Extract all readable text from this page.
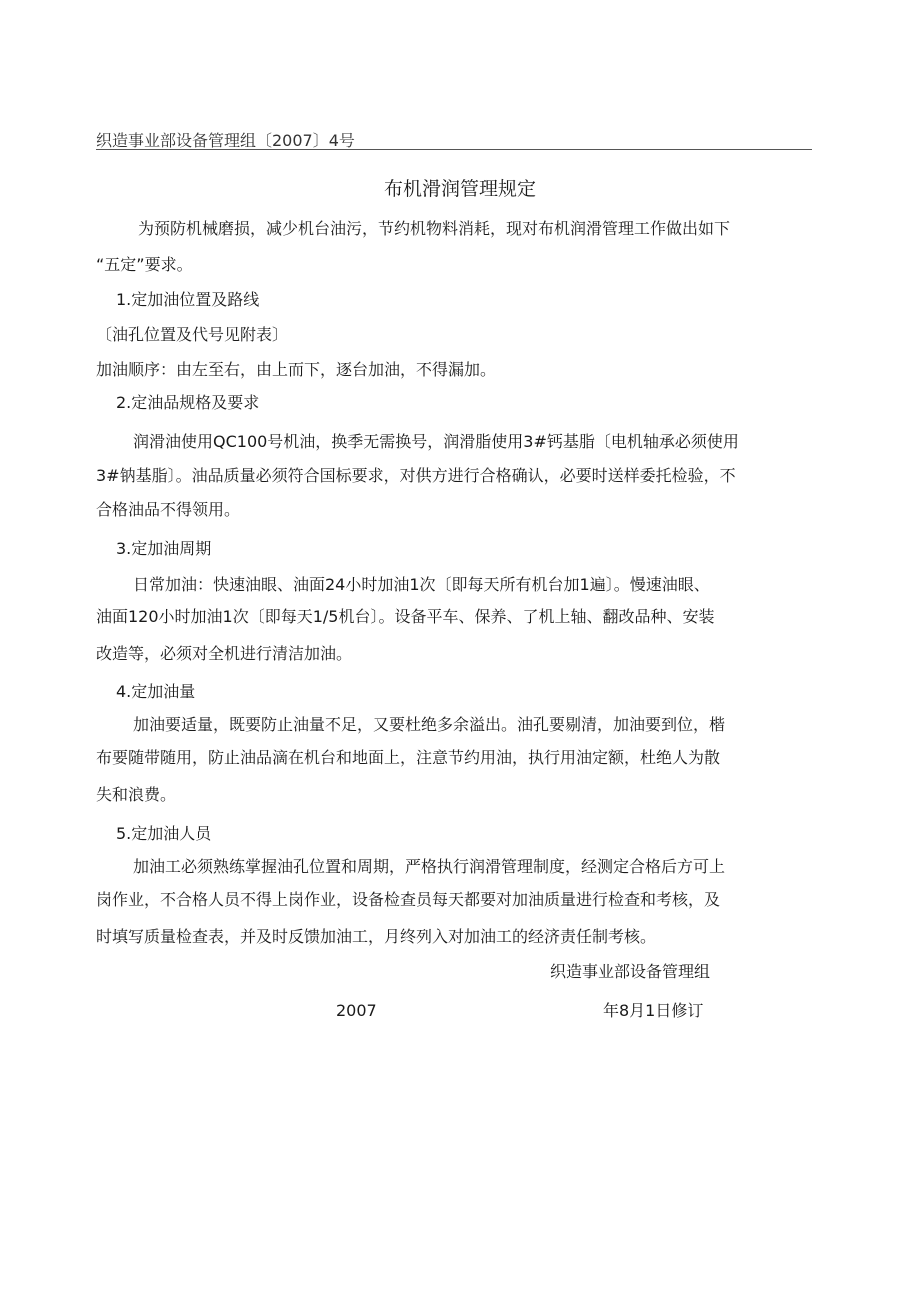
织造事业部设备管理组〔2007〕4号
布机滑润管理规定
为预防机械磨损，减少机台油污，节约机物料消耗，现对布机润滑管理工作做出如下
“五定”要求。
1.定加油位置及路线
〔油孔位置及代号见附表〕
加油顺序：由左至右，由上而下，逐台加油，不得漏加。
2.定油品规格及要求
润滑油使用QC100号机油，换季无需换号，润滑脂使用3#钙基脂〔电机轴承必须使用
3#钠基脂〕。油品质量必须符合国标要求，对供方进行合格确认，必要时送样委托检验，不
合格油品不得领用。
3.定加油周期
日常加油：快速油眼、油面24小时加油1次〔即每天所有机台加1遍〕。慢速油眼、
油面120小时加油1次〔即每天1/5机台〕。设备平车、保养、了机上轴、翻改品种、安装
改造等，必须对全机进行清洁加油。
4.定加油量
加油要适量，既要防止油量不足，又要杜绝多余溢出。油孔要剔清，加油要到位，楷
布要随带随用，防止油品滴在机台和地面上，注意节约用油，执行用油定额，杜绝人为散
失和浪费。
5.定加油人员
加油工必须熟练掌握油孔位置和周期，严格执行润滑管理制度，经测定合格后方可上
岗作业，不合格人员不得上岗作业，设备检查员每天都要对加油质量进行检查和考核，及
时填写质量检查表，并及时反馈加油工，月终列入对加油工的经济责任制考核。
织造事业部设备管理组
2007	年8月1日修订
